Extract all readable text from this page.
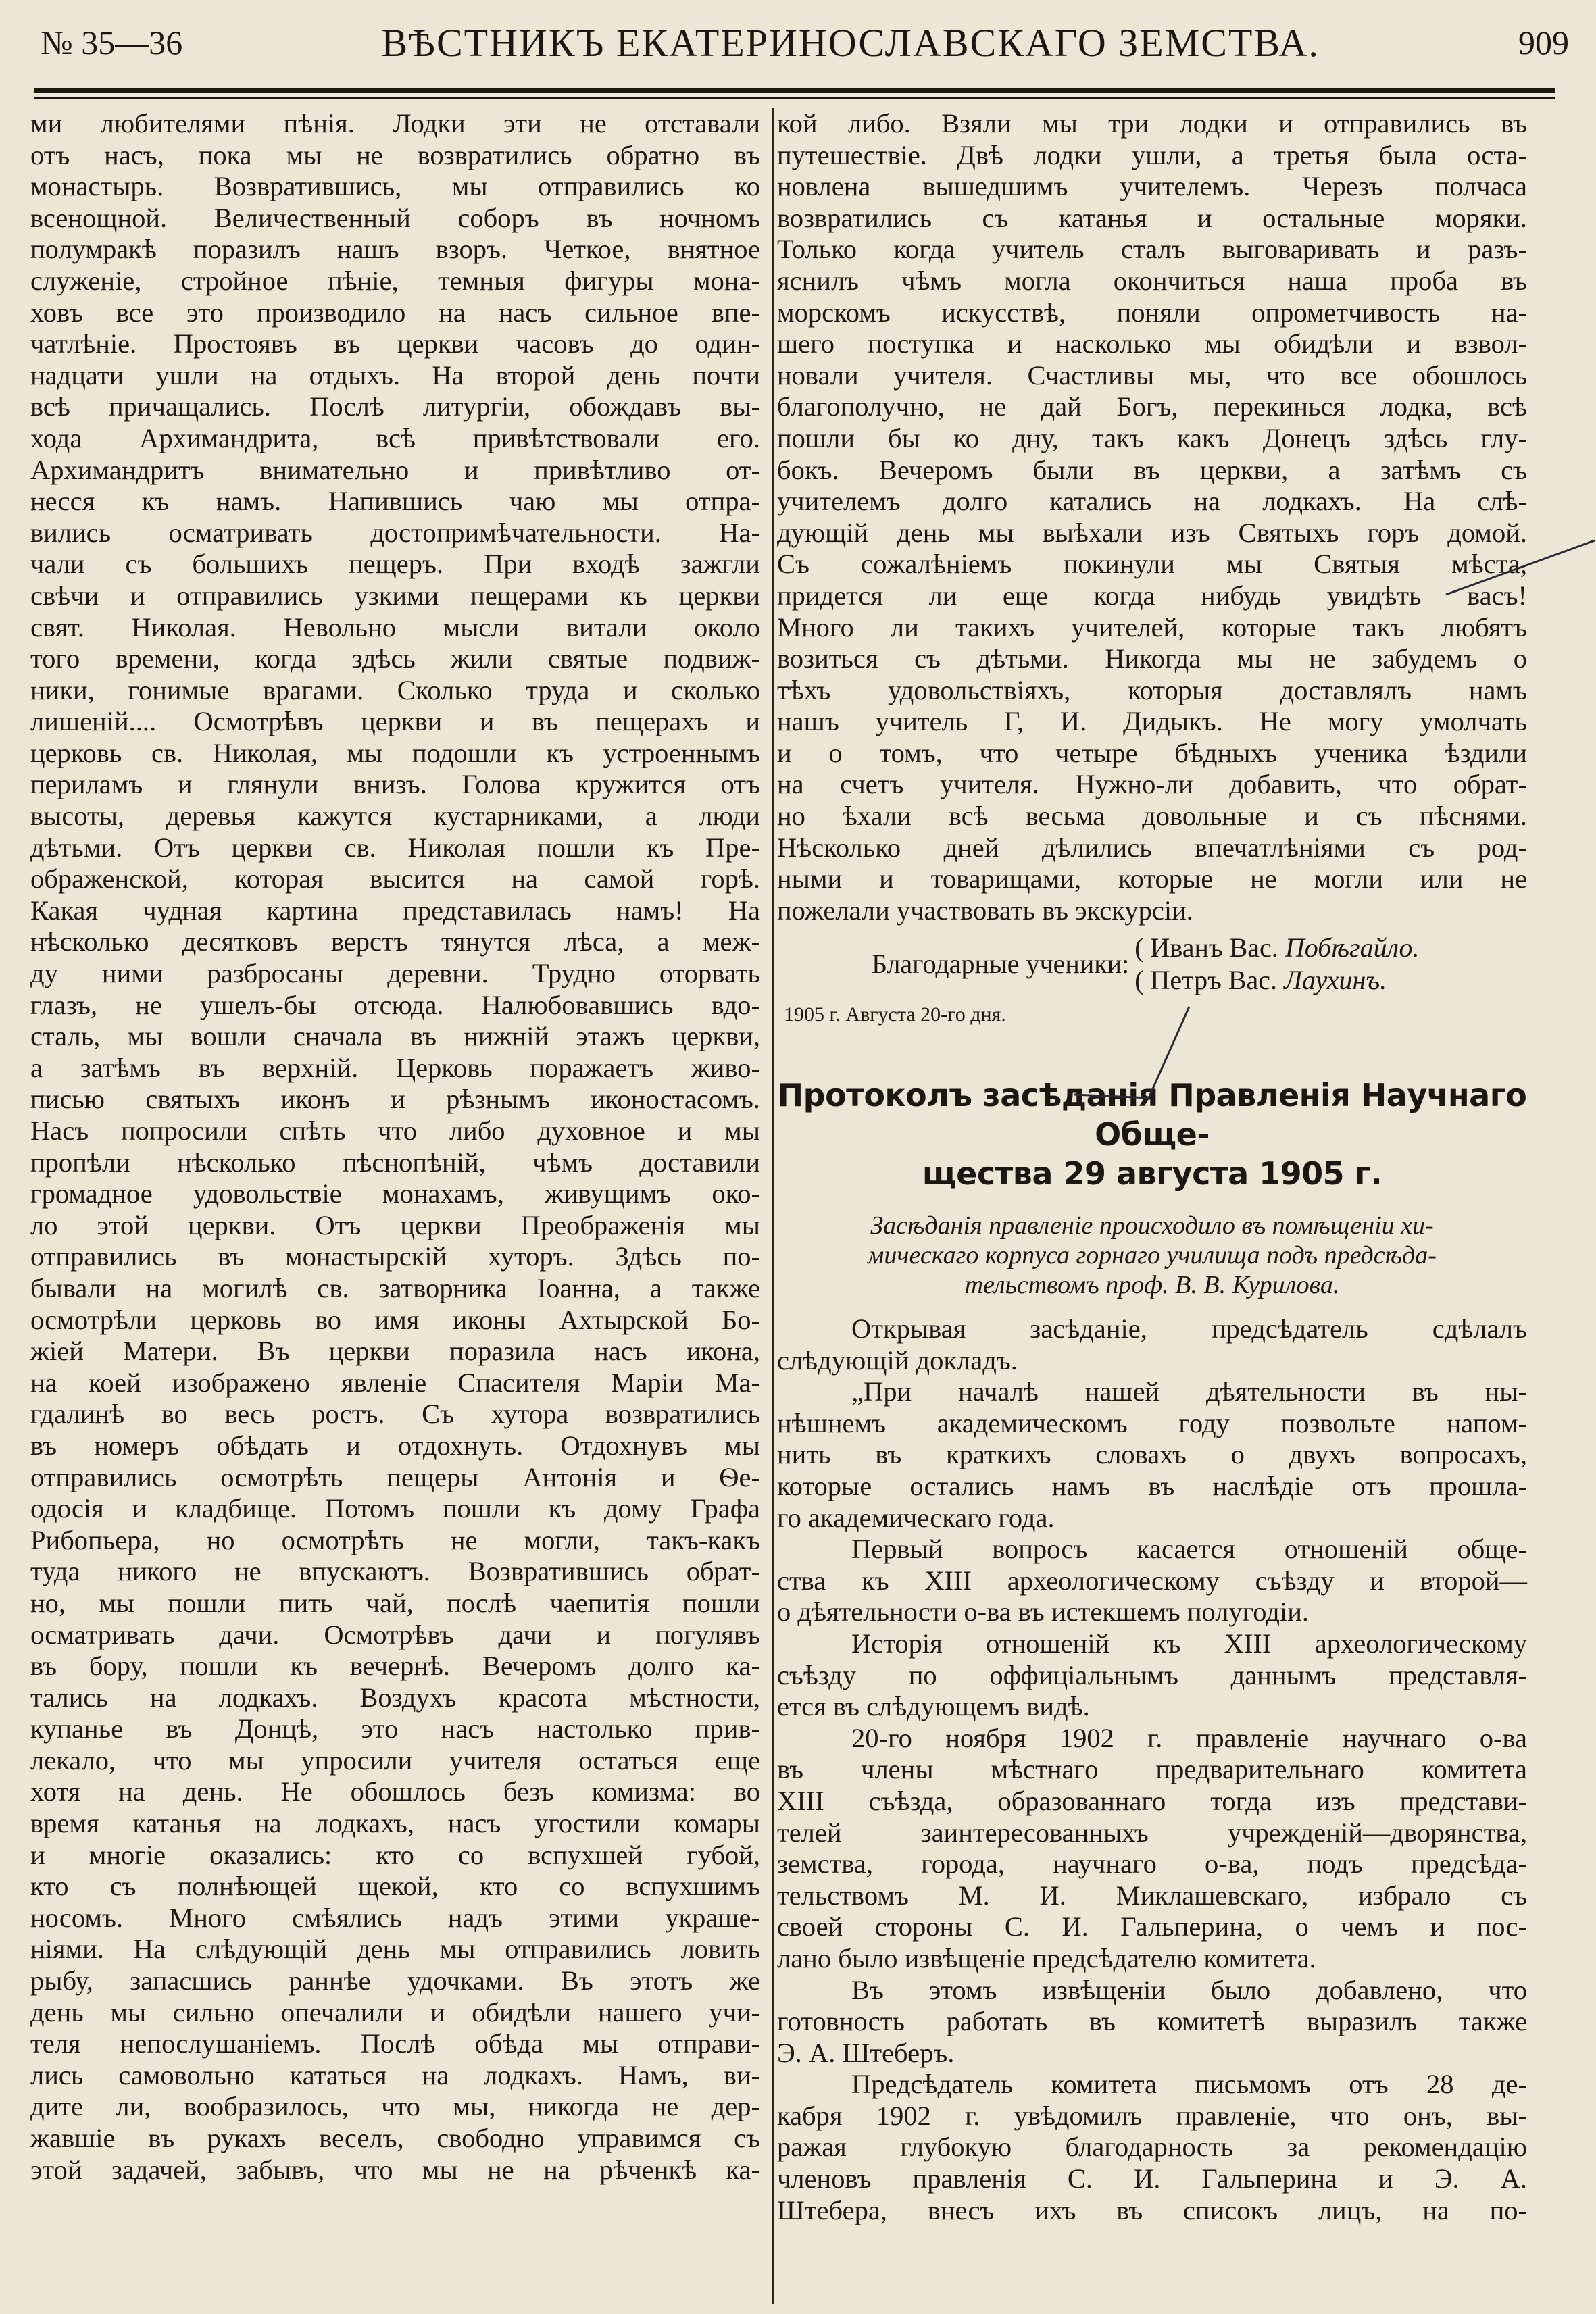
№ 35—36	ВѢСТНИКЪ ЕКАТЕРИНОСЛАВСКАГО ЗЕМСТВА.	909
ми любителями пѣнія. Лодки эти не отставали
отъ насъ, пока мы не возвратились обратно въ
монастырь. Возвратившись, мы отправились ко
всенощной. Величественный соборъ въ ночномъ
полумракѣ поразилъ нашъ взоръ. Четкое, внятное
служеніе, стройное пѣніе, темныя фигуры мона-
ховъ все это производило на насъ сильное впе-
чатлѣніе. Простоявъ въ церкви часовъ до один-
надцати ушли на отдыхъ. На второй день почти
всѣ причащались. Послѣ литургіи, обождавъ вы-
хода Архимандрита, всѣ привѣтствовали его.
Архимандритъ внимательно и привѣтливо от-
несся къ намъ. Напившись чаю мы отпра-
вились осматривать достопримѣчательности. На-
чали съ большихъ пещеръ. При входѣ зажгли
свѣчи и отправились узкими пещерами къ церкви
свят. Николая. Невольно мысли витали около
того времени, когда здѣсь жили святые подвиж-
ники, гонимые врагами. Сколько труда и сколько
лишеній.... Осмотрѣвъ церкви и въ пещерахъ и
церковь св. Николая, мы подошли къ устроеннымъ
периламъ и глянули внизъ. Голова кружится отъ
высоты, деревья кажутся кустарниками, а люди
дѣтьми. Отъ церкви св. Николая пошли къ Пре-
ображенской, которая высится на самой горѣ.
Какая чудная картина представилась намъ! На
нѣсколько десятковъ верстъ тянутся лѣса, а меж-
ду ними разбросаны деревни. Трудно оторвать
глазъ, не ушелъ-бы отсюда. Налюбовавшись вдо-
сталь, мы вошли сначала въ нижній этажъ церкви,
а затѣмъ въ верхній. Церковь поражаетъ живо-
писью святыхъ иконъ и рѣзнымъ иконостасомъ.
Насъ попросили спѣть что либо духовное и мы
пропѣли нѣсколько пѣснопѣній, чѣмъ доставили
громадное удовольствіе монахамъ, живущимъ око-
ло этой церкви. Отъ церкви Преображенія мы
отправились въ монастырскій хуторъ. Здѣсь по-
бывали на могилѣ св. затворника Іоанна, а также
осмотрѣли церковь во имя иконы Ахтырской Бо-
жіей Матери. Въ церкви поразила насъ икона,
на коей изображено явленіе Спасителя Маріи Ма-
гдалинѣ во весь ростъ. Съ хутора возвратились
въ номеръ обѣдать и отдохнуть. Отдохнувъ мы
отправились осмотрѣть пещеры Антонія и Ѳе-
одосія и кладбище. Потомъ пошли къ дому Графа
Рибопьера, но осмотрѣть не могли, такъ-какъ
туда никого не впускаютъ. Возвратившись обрат-
но, мы пошли пить чай, послѣ чаепитія пошли
осматривать дачи. Осмотрѣвъ дачи и погулявъ
въ бору, пошли къ вечернѣ. Вечеромъ долго ка-
тались на лодкахъ. Воздухъ красота мѣстности,
купанье въ Донцѣ, это насъ настолько прив-
лекало, что мы упросили учителя остаться еще
хотя на день. Не обошлось безъ комизма: во
время катанья на лодкахъ, насъ угостили комары
и многіе оказались: кто со вспухшей губой,
кто съ полнѣющей щекой, кто со вспухшимъ
носомъ. Много смѣялись надъ этими украше-
ніями. На слѣдующій день мы отправились ловить
рыбу, запасшись раннѣе удочками. Въ этотъ же
день мы сильно опечалили и обидѣли нашего учи-
теля непослушаніемъ. Послѣ обѣда мы отправи-
лись самовольно кататься на лодкахъ. Намъ, ви-
дите ли, вообразилось, что мы, никогда не дер-
жавшіе въ рукахъ веселъ, свободно управимся съ
этой задачей, забывъ, что мы не на рѣченкѣ ка-
кой либо. Взяли мы три лодки и отправились въ
путешествіе. Двѣ лодки ушли, а третья была оста-
новлена вышедшимъ учителемъ. Черезъ полчаса
возвратились съ катанья и остальные моряки.
Только когда учитель сталъ выговаривать и разъ-
яснилъ чѣмъ могла окончиться наша проба въ
морскомъ искусствѣ, поняли опрометчивость на-
шего поступка и насколько мы обидѣли и взвол-
новали учителя. Счастливы мы, что все обошлось
благополучно, не дай Богъ, перекинься лодка, всѣ
пошли бы ко дну, такъ какъ Донецъ здѣсь глу-
бокъ. Вечеромъ были въ церкви, а затѣмъ съ
учителемъ долго катались на лодкахъ. На слѣ-
дующій день мы выѣхали изъ Святыхъ горъ домой.
Съ сожалѣніемъ покинули мы Святыя мѣста,
придется ли еще когда нибудь увидѣть васъ!
Много ли такихъ учителей, которые такъ любятъ
возиться съ дѣтьми. Никогда мы не забудемъ о
тѣхъ удовольствіяхъ, которыя доставлялъ намъ
нашъ учитель Г, И. Дидыкъ. Не могу умолчать
и о томъ, что четыре бѣдныхъ ученика ѣздили
на счетъ учителя. Нужно-ли добавить, что обрат-
но ѣхали всѣ весьма довольные и съ пѣснями.
Нѣсколько дней дѣлились впечатлѣніями съ род-
ными и товарищами, которые не могли или не
пожелали участвовать въ экскурсіи.
Благодарные ученики:
( Иванъ Вас. Побѣгайло.
( Петръ Вас. Лаухинъ.
1905 г. Августа 20-го дня.
Протоколъ засѣданія Правленія Научнаго Обще-
щества 29 августа 1905 г.
Засѣданія правленіе происходило въ помѣщеніи хи-
мическаго корпуса горнаго училища подъ предсѣда-
тельствомъ проф. В. В. Курилова.
Открывая засѣданіе, предсѣдатель сдѣлалъ
слѣдующій докладъ.
„При началѣ нашей дѣятельности въ ны-
нѣшнемъ академическомъ году позвольте напом-
нить въ краткихъ словахъ о двухъ вопросахъ,
которые остались намъ въ наслѣдіе отъ прошла-
го академическаго года.
Первый вопросъ касается отношеній обще-
ства къ XIII археологическому съѣзду и второй—
о дѣятельности о-ва въ истекшемъ полугодіи.
Исторія отношеній къ XIII археологическому
съѣзду по оффиціальнымъ даннымъ представля-
ется въ слѣдующемъ видѣ.
20-го ноября 1902 г. правленіе научнаго о-ва
въ члены мѣстнаго предварительнаго комитета
XIII съѣзда, образованнаго тогда изъ представи-
телей заинтересованныхъ учрежденій—дворянства,
земства, города, научнаго о-ва, подъ предсѣда-
тельствомъ М. И. Миклашевскаго, избрало съ
своей стороны С. И. Гальперина, о чемъ и пос-
лано было извѣщеніе предсѣдателю комитета.
Въ этомъ извѣщеніи было добавлено, что
готовность работать въ комитетѣ выразилъ также
Э. А. Штеберъ.
Предсѣдатель комитета письмомъ отъ 28 де-
кабря 1902 г. увѣдомилъ правленіе, что онъ, вы-
ражая глубокую благодарность за рекомендацію
членовъ правленія С. И. Гальперина и Э. А.
Штебера, внесъ ихъ въ списокъ лицъ, на по-
